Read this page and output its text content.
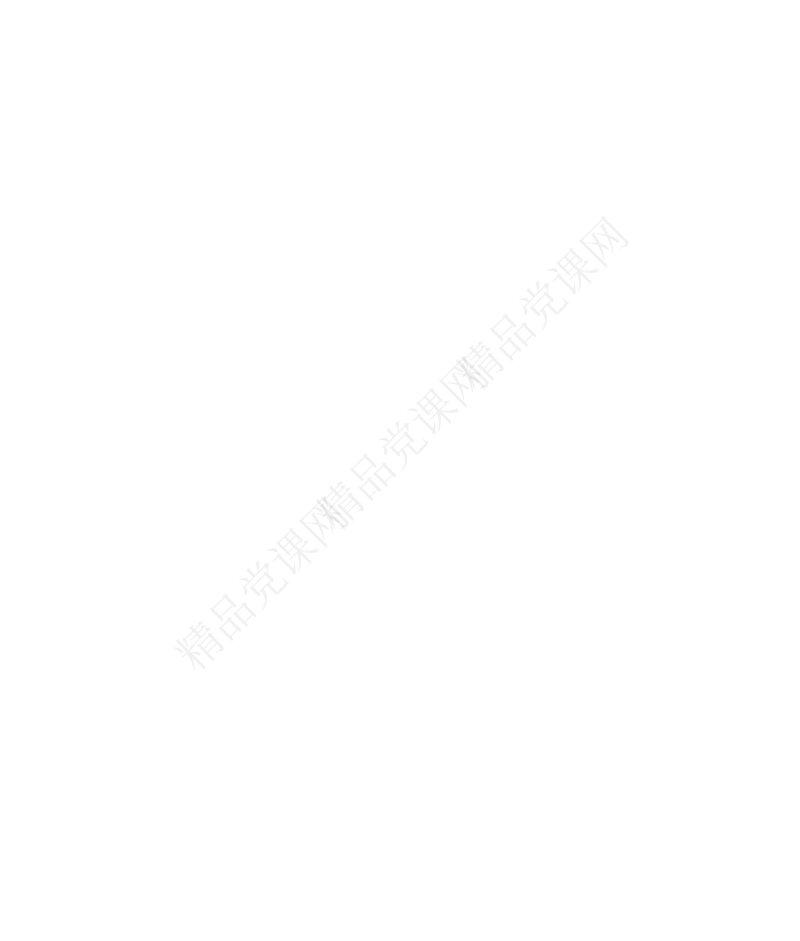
精品党课网
精品党课网
精品党课网
